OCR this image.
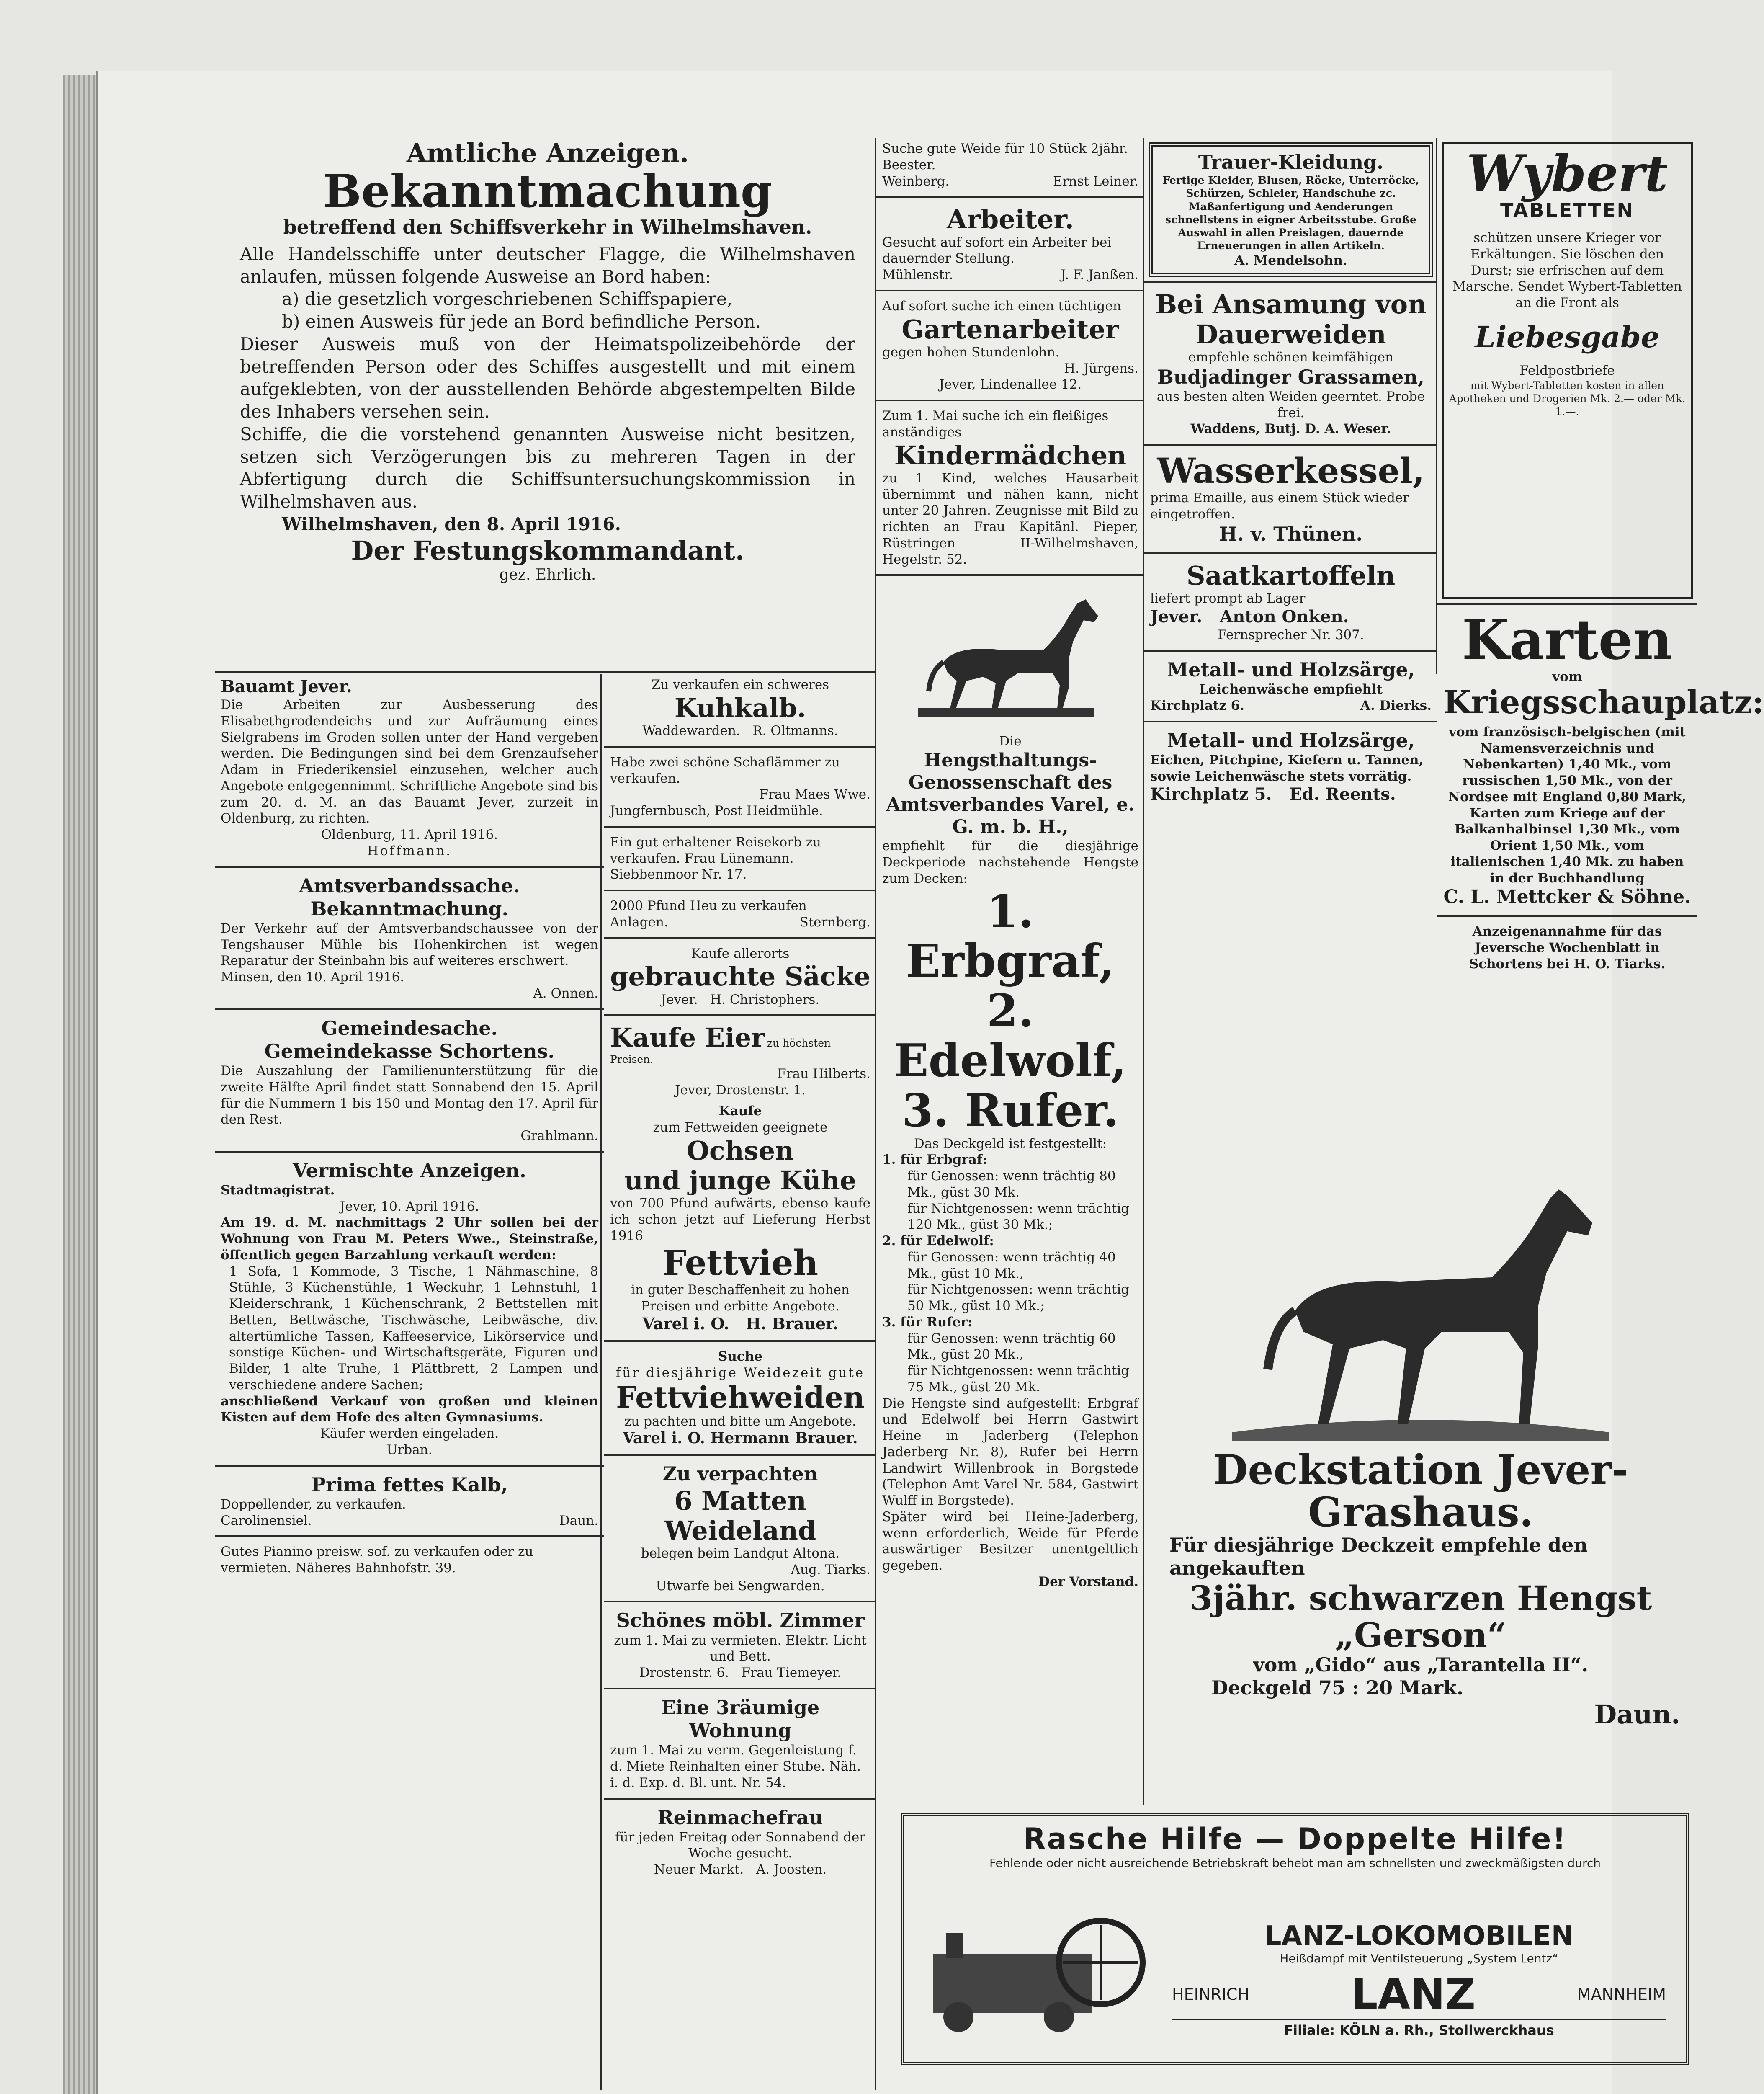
Amtliche Anzeigen.
Bekanntmachung
betreffend den Schiffsverkehr in Wilhelmshaven.
Alle Handelsschiffe unter deutscher Flagge, die Wilhelmshaven anlaufen, müssen folgende Ausweise an Bord haben:
a) die gesetzlich vorgeschriebenen Schiffspapiere,
b) einen Ausweis für jede an Bord befindliche Person.
Dieser Ausweis muß von der Heimatspolizeibehörde der betreffenden Person oder des Schiffes ausgestellt und mit einem aufgeklebten, von der ausstellenden Behörde abgestempelten Bilde des Inhabers versehen sein.
Schiffe, die die vorstehend genannten Ausweise nicht besitzen, setzen sich Verzögerungen bis zu mehreren Tagen in der Abfertigung durch die Schiffsuntersuchungskommission in Wilhelmshaven aus.
Wilhelmshaven, den 8. April 1916.
Der Festungskommandant.
gez. Ehrlich.
Bauamt Jever.
Die Arbeiten zur Ausbesserung des Elisabethgrodendeichs und zur Aufräumung eines Sielgrabens im Groden sollen unter der Hand vergeben werden. Die Bedingungen sind bei dem Grenzaufseher Adam in Friederikensiel einzusehen, welcher auch Angebote entgegennimmt. Schriftliche Angebote sind bis zum 20. d. M. an das Bauamt Jever, zurzeit in Oldenburg, zu richten.
Oldenburg, 11. April 1916.
Hoffmann.
Amtsverbandssache.
Bekanntmachung.
Der Verkehr auf der Amtsverbandschaussee von der Tengshauser Mühle bis Hohenkirchen ist wegen Reparatur der Steinbahn bis auf weiteres erschwert.
Minsen, den 10. April 1916.
A. Onnen.
Gemeindesache.
Gemeindekasse Schortens.
Die Auszahlung der Familienunterstützung für die zweite Hälfte April findet statt Sonnabend den 15. April für die Nummern 1 bis 150 und Montag den 17. April für den Rest.
Grahlmann.
Vermischte Anzeigen.
Stadtmagistrat.
Jever, 10. April 1916.
Am 19. d. M. nachmittags 2 Uhr sollen bei der Wohnung von Frau M. Peters Wwe., Steinstraße, öffentlich gegen Barzahlung verkauft werden:
1 Sofa, 1 Kommode, 3 Tische, 1 Nähmaschine, 8 Stühle, 3 Küchenstühle, 1 Weckuhr, 1 Lehnstuhl, 1 Kleiderschrank, 1 Küchenschrank, 2 Bettstellen mit Betten, Bettwäsche, Tischwäsche, Leibwäsche, div. altertümliche Tassen, Kaffeeservice, Likörservice und sonstige Küchen- und Wirtschaftsgeräte, Figuren und Bilder, 1 alte Truhe, 1 Plättbrett, 2 Lampen und verschiedene andere Sachen;
anschließend Verkauf von großen und kleinen Kisten auf dem Hofe des alten Gymnasiums.
Käufer werden eingeladen.
Urban.
Prima fettes Kalb,
Doppellender, zu verkaufen.
Carolinensiel.	Daun.
Gutes Pianino preisw. sof. zu verkaufen oder zu vermieten. Näheres Bahnhofstr. 39.
Zu verkaufen ein schweres
Kuhkalb.
Waddewarden. R. Oltmanns.
Habe zwei schöne Schaflämmer zu verkaufen.
Frau Maes Wwe.
Jungfernbusch, Post Heidmühle.
Ein gut erhaltener Reisekorb zu verkaufen. Frau Lünemann. Siebbenmoor Nr. 17.
2000 Pfund Heu zu verkaufen
Anlagen.	Sternberg.
Kaufe allerorts
gebrauchte Säcke
Jever. H. Christophers.
Kaufe Eier zu höchsten Preisen.
Frau Hilberts.
Jever, Drostenstr. 1.
Kaufe
zum Fettweiden geeignete
Ochsen
und junge Kühe
von 700 Pfund aufwärts, ebenso kaufe ich schon jetzt auf Lieferung Herbst 1916
Fettvieh
in guter Beschaffenheit zu hohen Preisen und erbitte Angebote.
Varel i. O. H. Brauer.
Suche
für diesjährige Weidezeit gute
Fettviehweiden
zu pachten und bitte um Angebote.
Varel i. O. Hermann Brauer.
Zu verpachten
6 Matten Weideland
belegen beim Landgut Altona.
Aug. Tiarks.
Utwarfe bei Sengwarden.
Schönes möbl. Zimmer
zum 1. Mai zu vermieten. Elektr. Licht und Bett.
Drostenstr. 6. Frau Tiemeyer.
Eine 3räumige Wohnung
zum 1. Mai zu verm. Gegenleistung f. d. Miete Reinhalten einer Stube. Näh. i. d. Exp. d. Bl. unt. Nr. 54.
Reinmachefrau
für jeden Freitag oder Sonnabend der Woche gesucht.
Neuer Markt. A. Joosten.
Suche gute Weide für 10 Stück 2jähr. Beester.
Weinberg.	Ernst Leiner.
Arbeiter.
Gesucht auf sofort ein Arbeiter bei dauernder Stellung.
Mühlenstr.	J. F. Janßen.
Auf sofort suche ich einen tüchtigen
Gartenarbeiter
gegen hohen Stundenlohn.
H. Jürgens.
Jever, Lindenallee 12.
Zum 1. Mai suche ich ein fleißiges anständiges
Kindermädchen
zu 1 Kind, welches Hausarbeit übernimmt und nähen kann, nicht unter 20 Jahren. Zeugnisse mit Bild zu richten an Frau Kapitänl. Pieper, Rüstringen II-Wilhelmshaven, Hegelstr. 52.
Die
Hengsthaltungs-Genossenschaft des Amtsverbandes Varel, e. G. m. b. H.,
empfiehlt für die diesjährige Deckperiode nachstehende Hengste zum Decken:
1. Erbgraf,
2. Edelwolf,
3. Rufer.
Das Deckgeld ist festgestellt:
1. für Erbgraf:
für Genossen: wenn trächtig 80 Mk., güst 30 Mk.
für Nichtgenossen: wenn trächtig 120 Mk., güst 30 Mk.;
2. für Edelwolf:
für Genossen: wenn trächtig 40 Mk., güst 10 Mk.,
für Nichtgenossen: wenn trächtig 50 Mk., güst 10 Mk.;
3. für Rufer:
für Genossen: wenn trächtig 60 Mk., güst 20 Mk.,
für Nichtgenossen: wenn trächtig 75 Mk., güst 20 Mk.
Die Hengste sind aufgestellt: Erbgraf und Edelwolf bei Herrn Gastwirt Heine in Jaderberg (Telephon Jaderberg Nr. 8), Rufer bei Herrn Landwirt Willenbrook in Borgstede (Telephon Amt Varel Nr. 584, Gastwirt Wulff in Borgstede).
Später wird bei Heine-Jaderberg, wenn erforderlich, Weide für Pferde auswärtiger Besitzer unentgeltlich gegeben.
Der Vorstand.
Trauer-Kleidung.
Fertige Kleider, Blusen, Röcke, Unterröcke, Schürzen, Schleier, Handschuhe zc. Maßanfertigung und Aenderungen schnellstens in eigner Arbeitsstube. Große Auswahl in allen Preislagen, dauernde Erneuerungen in allen Artikeln.
A. Mendelsohn.
Bei Ansamung von Dauerweiden
empfehle schönen keimfähigen
Budjadinger Grassamen,
aus besten alten Weiden geerntet. Probe frei.
Waddens, Butj. D. A. Weser.
Wasserkessel,
prima Emaille, aus einem Stück wieder eingetroffen.
H. v. Thünen.
Saatkartoffeln
liefert prompt ab Lager
Jever. Anton Onken.
Fernsprecher Nr. 307.
Metall- und Holzsärge,
Leichenwäsche empfiehlt
Kirchplatz 6.	A. Dierks.
Metall- und Holzsärge,
Eichen, Pitchpine, Kiefern u. Tannen, sowie Leichenwäsche stets vorrätig.
Kirchplatz 5. Ed. Reents.
Wybert
TABLETTEN
schützen unsere Krieger vor Erkältungen. Sie löschen den Durst; sie erfrischen auf dem Marsche. Sendet Wybert-Tabletten an die Front als
Liebesgabe
Feldpostbriefe
mit Wybert-Tabletten kosten in allen Apotheken und Drogerien Mk. 2.— oder Mk. 1.—.
Karten
vom
Kriegsschauplatz:
vom französisch-belgischen (mit Namensverzeichnis und Nebenkarten) 1,40 Mk., vom russischen 1,50 Mk., von der Nordsee mit England 0,80 Mark, Karten zum Kriege auf der Balkanhalbinsel 1,30 Mk., vom Orient 1,50 Mk., vom italienischen 1,40 Mk. zu haben in der Buchhandlung
C. L. Mettcker & Söhne.
Anzeigenannahme für das Jeversche Wochenblatt in Schortens bei H. O. Tiarks.
Deckstation Jever-Grashaus.
Für diesjährige Deckzeit empfehle den angekauften
3jähr. schwarzen Hengst „Gerson“
vom „Gido“ aus „Tarantella II“.
Deckgeld 75 : 20 Mark.
Daun.
Rasche Hilfe — Doppelte Hilfe!
Fehlende oder nicht ausreichende Betriebskraft behebt man am schnellsten und zweckmäßigsten durch
LANZ-LOKOMOBILEN
Heißdampf mit Ventilsteuerung „System Lentz“
HEINRICH LANZ	MANNHEIM
Filiale: KÖLN a. Rh., Stollwerckhaus
